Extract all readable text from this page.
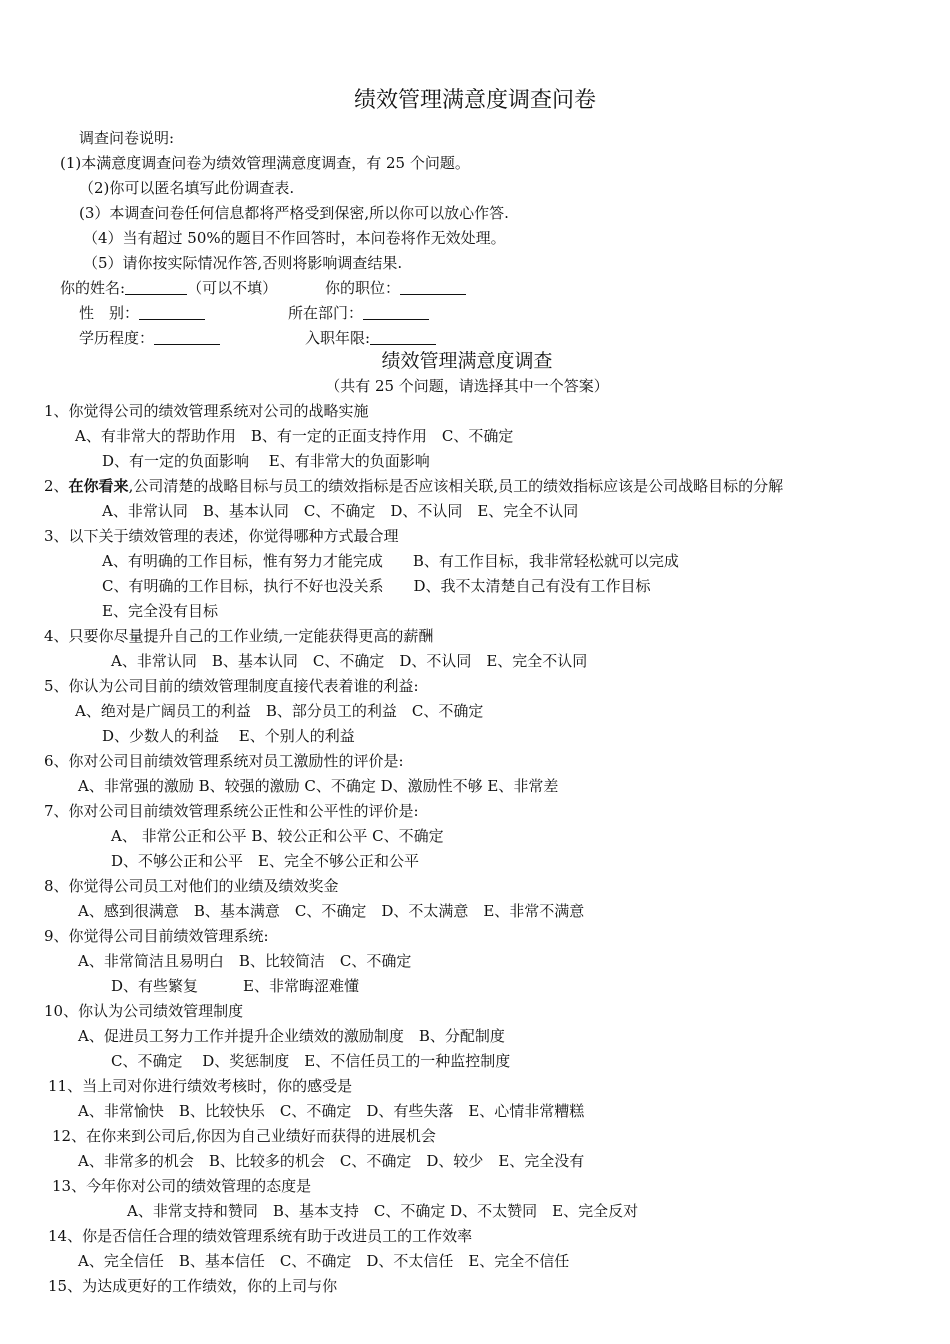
绩效管理满意度调查问卷
调查问卷说明:
(1)本满意度调查问卷为绩效管理满意度调查，有 25 个问题。
（2)你可以匿名填写此份调查表.
(3）本调查问卷任何信息都将严格受到保密,所以你可以放心作答.
（4）当有超过 50%的题目不作回答时，本问卷将作无效处理。
（5）请你按实际情况作答,否则将影响调查结果.
你的姓名:	（可以不填）	你的职位：
性　别：	所在部门：
学历程度：	入职年限:
绩效管理满意度调查
（共有 25 个问题，请选择其中一个答案）
1、你觉得公司的绩效管理系统对公司的战略实施
A、有非常大的帮助作用　B、有一定的正面支持作用　C、不确定
D、有一定的负面影响　 E、有非常大的负面影响
2、在你看来,公司清楚的战略目标与员工的绩效指标是否应该相关联,员工的绩效指标应该是公司战略目标的分解
A、非常认同　B、基本认同　C、不确定　D、不认同　E、完全不认同
3、以下关于绩效管理的表述，你觉得哪种方式最合理
A、有明确的工作目标，惟有努力才能完成　　B、有工作目标，我非常轻松就可以完成
C、有明确的工作目标，执行不好也没关系　　D、我不太清楚自己有没有工作目标
E、完全没有目标
4、只要你尽量提升自己的工作业绩,一定能获得更高的薪酬
A、非常认同　B、基本认同　C、不确定　D、不认同　E、完全不认同
5、你认为公司目前的绩效管理制度直接代表着谁的利益:
A、绝对是广阔员工的利益　B、部分员工的利益　C、不确定
D、少数人的利益　 E、个别人的利益
6、你对公司目前绩效管理系统对员工激励性的评价是:
A、非常强的激励 B、较强的激励 C、不确定 D、激励性不够 E、非常差
7、你对公司目前绩效管理系统公正性和公平性的评价是:
A、 非常公正和公平 B、较公正和公平 C、不确定
D、不够公正和公平　E、完全不够公正和公平
8、你觉得公司员工对他们的业绩及绩效奖金
A、感到很满意　B、基本满意　C、不确定　D、不太满意　E、非常不满意
9、你觉得公司目前绩效管理系统:
A、非常简洁且易明白　B、比较简洁　C、不确定
D、有些繁复　　　E、非常晦涩难懂
10、你认为公司绩效管理制度
A、促进员工努力工作并提升企业绩效的激励制度　B、分配制度
C、不确定　 D、奖惩制度　E、不信任员工的一种监控制度
11、当上司对你进行绩效考核时，你的感受是
A、非常愉快　B、比较快乐　C、不确定　D、有些失落　E、心情非常糟糕
12、在你来到公司后,你因为自己业绩好而获得的进展机会
A、非常多的机会　B、比较多的机会　C、不确定　D、较少　E、完全没有
13、今年你对公司的绩效管理的态度是
A、非常支持和赞同　B、基本支持　C、不确定 D、不太赞同　E、完全反对
14、你是否信任合理的绩效管理系统有助于改进员工的工作效率
A、完全信任　B、基本信任　C、不确定　D、不太信任　E、完全不信任
15、为达成更好的工作绩效，你的上司与你
